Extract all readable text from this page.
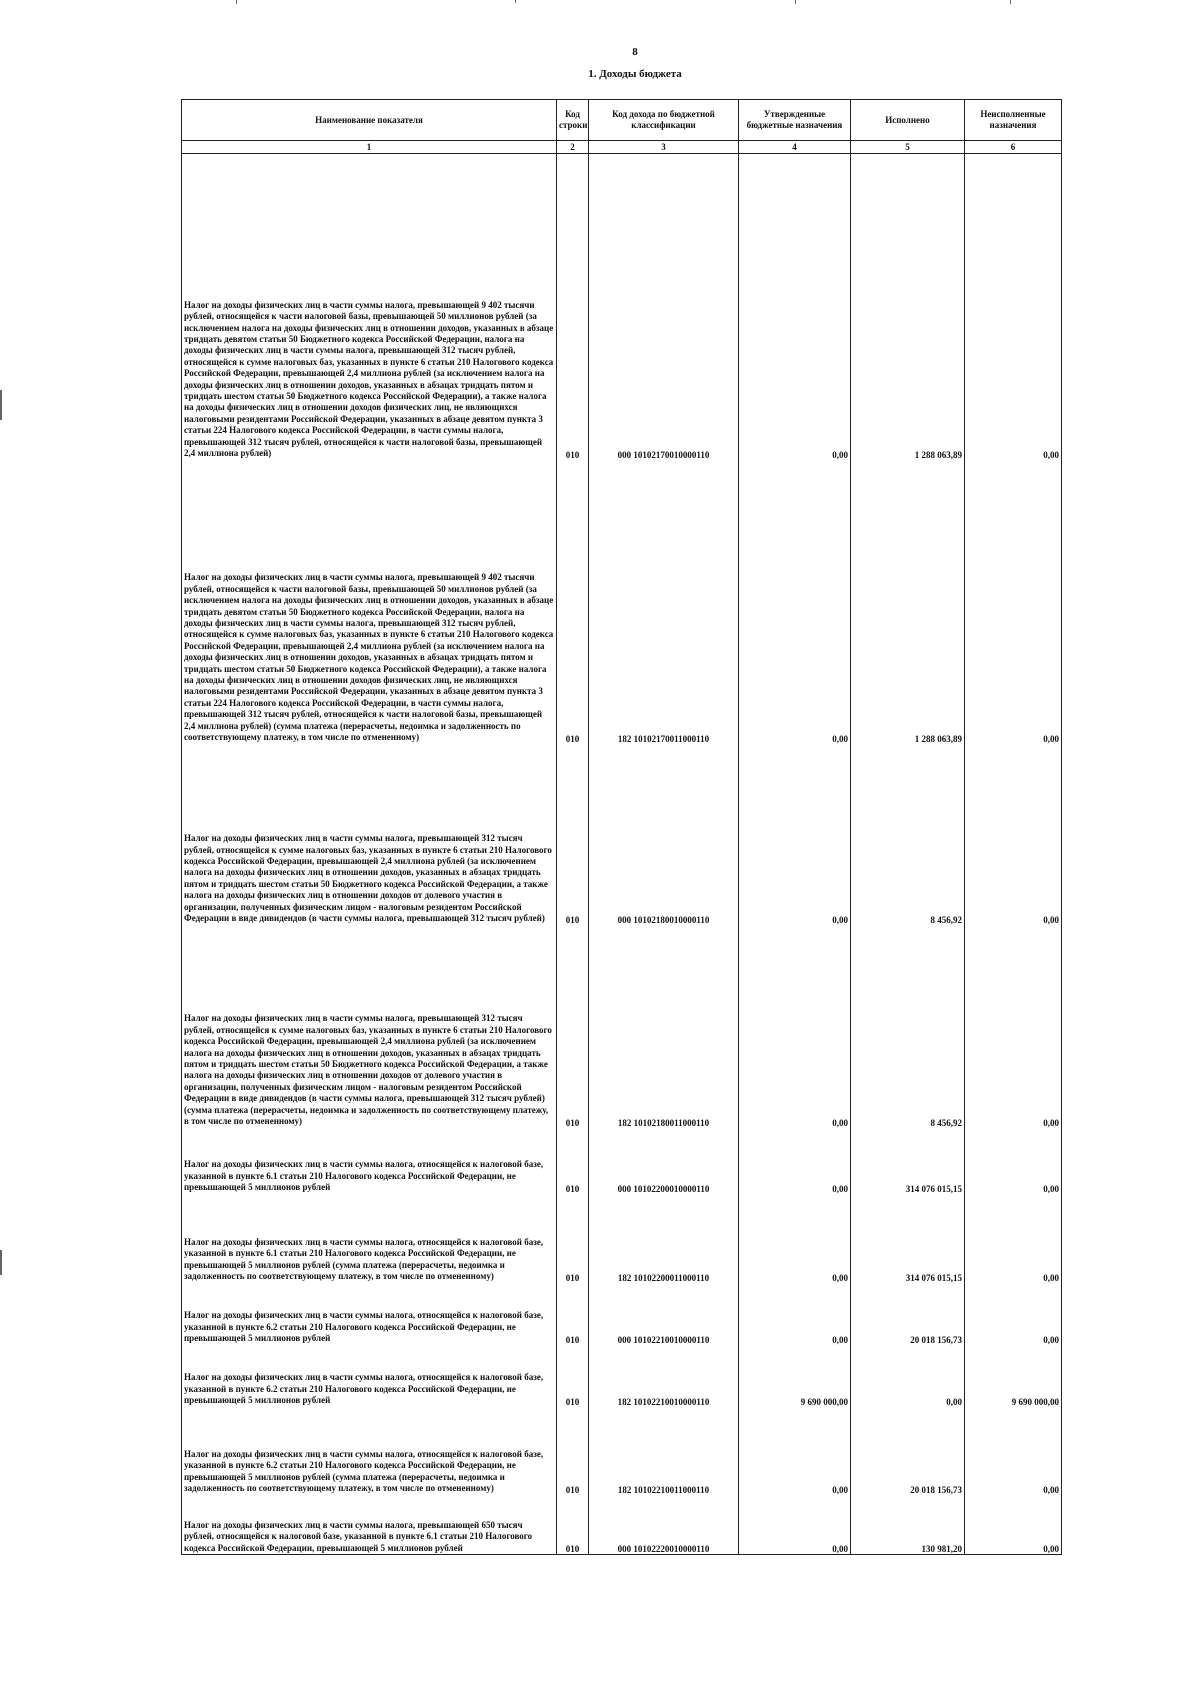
8
1. Доходы бюджета
Наименование показателя	Код строки	Код дохода по бюджетной классификации	Утвержденные бюджетные назначения	Исполнено	Неисполненные назначения
1	2	3	4	5	6
Налог на доходы физических лиц в части суммы налога, превышающей 9 402 тысячи рублей, относящейся к части налоговой базы, превышающей 50 миллионов рублей (за исключением налога на доходы физических лиц в отношении доходов, указанных в абзаце тридцать девятом статьи 50 Бюджетного кодекса Российской Федерации, налога на доходы физических лиц в части суммы налога, превышающей 312 тысяч рублей, относящейся к сумме налоговых баз, указанных в пункте 6 статьи 210 Налогового кодекса Российской Федерации, превышающей 2,4 миллиона рублей (за исключением налога на доходы физических лиц в отношении доходов, указанных в абзацах тридцать пятом и тридцать шестом статьи 50 Бюджетного кодекса Российской Федерации), а также налога на доходы физических лиц в отношении доходов физических лиц, не являющихся налоговыми резидентами Российской Федерации, указанных в абзаце девятом пункта 3 статьи 224 Налогового кодекса Российской Федерации, в части суммы налога, превышающей 312 тысяч рублей, относящейся к части налоговой базы, превышающей 2,4 миллиона рублей)	010	000 10102170010000110	0,00	1 288 063,89	0,00
Налог на доходы физических лиц в части суммы налога, превышающей 9 402 тысячи рублей, относящейся к части налоговой базы, превышающей 50 миллионов рублей (за исключением налога на доходы физических лиц в отношении доходов, указанных в абзаце тридцать девятом статьи 50 Бюджетного кодекса Российской Федерации, налога на доходы физических лиц в части суммы налога, превышающей 312 тысяч рублей, относящейся к сумме налоговых баз, указанных в пункте 6 статьи 210 Налогового кодекса Российской Федерации, превышающей 2,4 миллиона рублей (за исключением налога на доходы физических лиц в отношении доходов, указанных в абзацах тридцать пятом и тридцать шестом статьи 50 Бюджетного кодекса Российской Федерации), а также налога на доходы физических лиц в отношении доходов физических лиц, не являющихся налоговыми резидентами Российской Федерации, указанных в абзаце девятом пункта 3 статьи 224 Налогового кодекса Российской Федерации, в части суммы налога, превышающей 312 тысяч рублей, относящейся к части налоговой базы, превышающей 2,4 миллиона рублей) (сумма платежа (перерасчеты, недоимка и задолженность по соответствующему платежу, в том числе по отмененному)	010	182 10102170011000110	0,00	1 288 063,89	0,00
Налог на доходы физических лиц в части суммы налога, превышающей 312 тысяч рублей, относящейся к сумме налоговых баз, указанных в пункте 6 статьи 210 Налогового кодекса Российской Федерации, превышающей 2,4 миллиона рублей (за исключением налога на доходы физических лиц в отношении доходов, указанных в абзацах тридцать пятом и тридцать шестом статьи 50 Бюджетного кодекса Российской Федерации, а также налога на доходы физических лиц в отношении доходов от долевого участия в организации, полученных физическим лицом - налоговым резидентом Российской Федерации в виде дивидендов (в части суммы налога, превышающей 312 тысяч рублей)	010	000 10102180010000110	0,00	8 456,92	0,00
Налог на доходы физических лиц в части суммы налога, превышающей 312 тысяч рублей, относящейся к сумме налоговых баз, указанных в пункте 6 статьи 210 Налогового кодекса Российской Федерации, превышающей 2,4 миллиона рублей (за исключением налога на доходы физических лиц в отношении доходов, указанных в абзацах тридцать пятом и тридцать шестом статьи 50 Бюджетного кодекса Российской Федерации, а также налога на доходы физических лиц в отношении доходов от долевого участия в организации, полученных физическим лицом - налоговым резидентом Российской Федерации в виде дивидендов (в части суммы налога, превышающей 312 тысяч рублей) (сумма платежа (перерасчеты, недоимка и задолженность по соответствующему платежу, в том числе по отмененному)	010	182 10102180011000110	0,00	8 456,92	0,00
Налог на доходы физических лиц в части суммы налога, относящейся к налоговой базе, указанной в пункте 6.1 статьи 210 Налогового кодекса Российской Федерации, не превышающей 5 миллионов рублей	010	000 10102200010000110	0,00	314 076 015,15	0,00
Налог на доходы физических лиц в части суммы налога, относящейся к налоговой базе, указанной в пункте 6.1 статьи 210 Налогового кодекса Российской Федерации, не превышающей 5 миллионов рублей (сумма платежа (перерасчеты, недоимка и задолженность по соответствующему платежу, в том числе по отмененному)	010	182 10102200011000110	0,00	314 076 015,15	0,00
Налог на доходы физических лиц в части суммы налога, относящейся к налоговой базе, указанной в пункте 6.2 статьи 210 Налогового кодекса Российской Федерации, не превышающей 5 миллионов рублей	010	000 10102210010000110	0,00	20 018 156,73	0,00
Налог на доходы физических лиц в части суммы налога, относящейся к налоговой базе, указанной в пункте 6.2 статьи 210 Налогового кодекса Российской Федерации, не превышающей 5 миллионов рублей	010	182 10102210010000110	9 690 000,00	0,00	9 690 000,00
Налог на доходы физических лиц в части суммы налога, относящейся к налоговой базе, указанной в пункте 6.2 статьи 210 Налогового кодекса Российской Федерации, не превышающей 5 миллионов рублей (сумма платежа (перерасчеты, недоимка и задолженность по соответствующему платежу, в том числе по отмененному)	010	182 10102210011000110	0,00	20 018 156,73	0,00
Налог на доходы физических лиц в части суммы налога, превышающей 650 тысяч рублей, относящейся к налоговой базе, указанной в пункте 6.1 статьи 210 Налогового кодекса Российской Федерации, превышающей 5 миллионов рублей	010	000 10102220010000110	0,00	130 981,20	0,00
